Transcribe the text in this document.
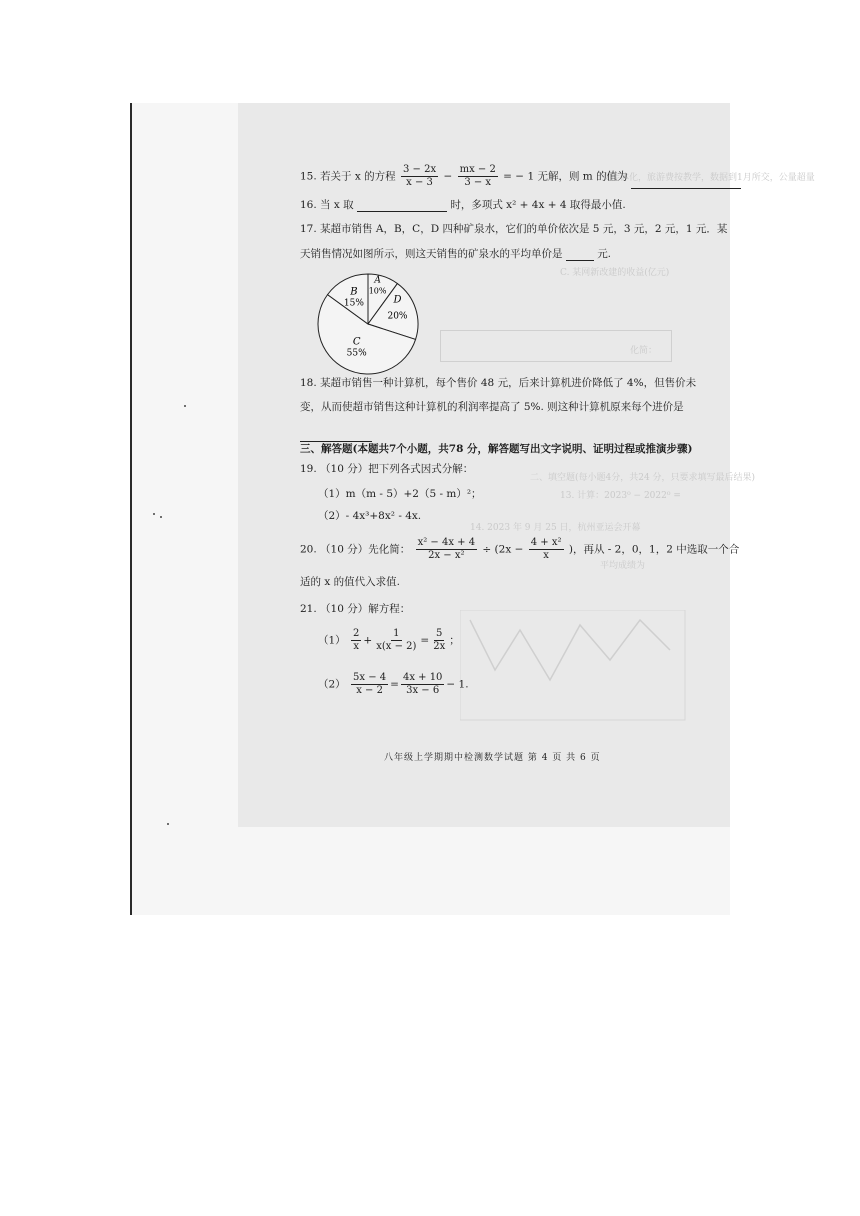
文能体化，旅游费按教学，数据到1月所交，公量超量
C. 某网新改建的收益(亿元)
化简：
二、填空题(每小题4分，共24 分，只要求填写最后结果)
13. 计算：2023⁰ − 2022⁰ =
14. 2023 年 9 月 25 日，杭州亚运会开幕
平均成绩为
15. 若关于 x 的方程 $\frac{3 - 2x}{x - 3} - \frac{mx - 2}{3 - x}$ = − 1 无解，则 m 的值为
16. 当 x 取	时，多项式 x² + 4x + 4 取得最小值.
17. 某超市销售 A，B，C，D 四种矿泉水，它们的单价依次是 5 元，3 元，2 元，1 元．某
天销售情况如图所示，则这天销售的矿泉水的平均单价是	元.
A
10%
D
20%
C
55%
B
15%
18. 某超市销售一种计算机，每个售价 48 元，后来计算机进价降低了 4%，但售价未
变，从而使超市销售这种计算机的利润率提高了 5%. 则这种计算机原来每个进价是
三、解答题(本题共7个小题，共78 分，解答题写出文字说明、证明过程或推演步骤)
19. （10 分）把下列各式因式分解：
（1）m（m - 5）+2（5 - m）²；
（2）- 4x³+8x² - 4x.
20. （10 分）先化简： $\frac{\text{x² − 4x + 4}}{\text{2x − x²}} \div (2x - \frac{\text{4 + x²}}{x}$ )，再从 - 2，0，1，2 中选取一个合
适的 x 的值代入求值.
21. （10 分）解方程：
$(1) \frac{2}{x} + \frac{1}{x(x - 2)} = \frac{5}{2x}$ ；
$(2) \frac{5x - 4}{x - 2} = \frac{4x + 10}{3x - 6} - 1$.
八年级上学期期中检测数学试题 第 4 页 共 6 页
